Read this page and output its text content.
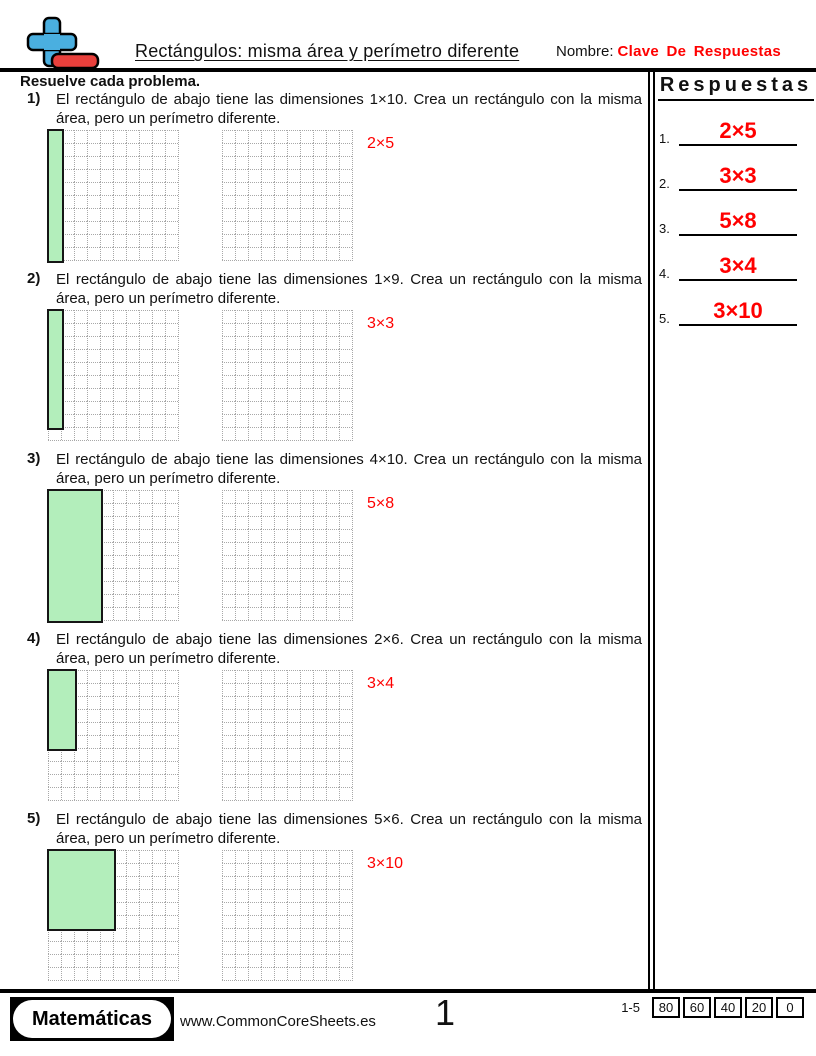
Rectángulos: misma área y perímetro diferente Nombre: Clave De Respuestas
Resuelve cada problema.
1) El rectángulo de abajo tiene las dimensiones 1×10. Crea un rectángulo con la misma área, pero un perímetro diferente.
2×5
2) El rectángulo de abajo tiene las dimensiones 1×9. Crea un rectángulo con la misma área, pero un perímetro diferente.
3×3
3) El rectángulo de abajo tiene las dimensiones 4×10. Crea un rectángulo con la misma área, pero un perímetro diferente.
5×8
4) El rectángulo de abajo tiene las dimensiones 2×6. Crea un rectángulo con la misma área, pero un perímetro diferente.
3×4
5) El rectángulo de abajo tiene las dimensiones 5×6. Crea un rectángulo con la misma área, pero un perímetro diferente.
3×10
Respuestas
1.	2×5
2.	3×3
3.	5×8
4.	3×4
5.	3×10
Matemáticas	www.CommonCoreSheets.es	1	1-5	80	60	40	20	0
